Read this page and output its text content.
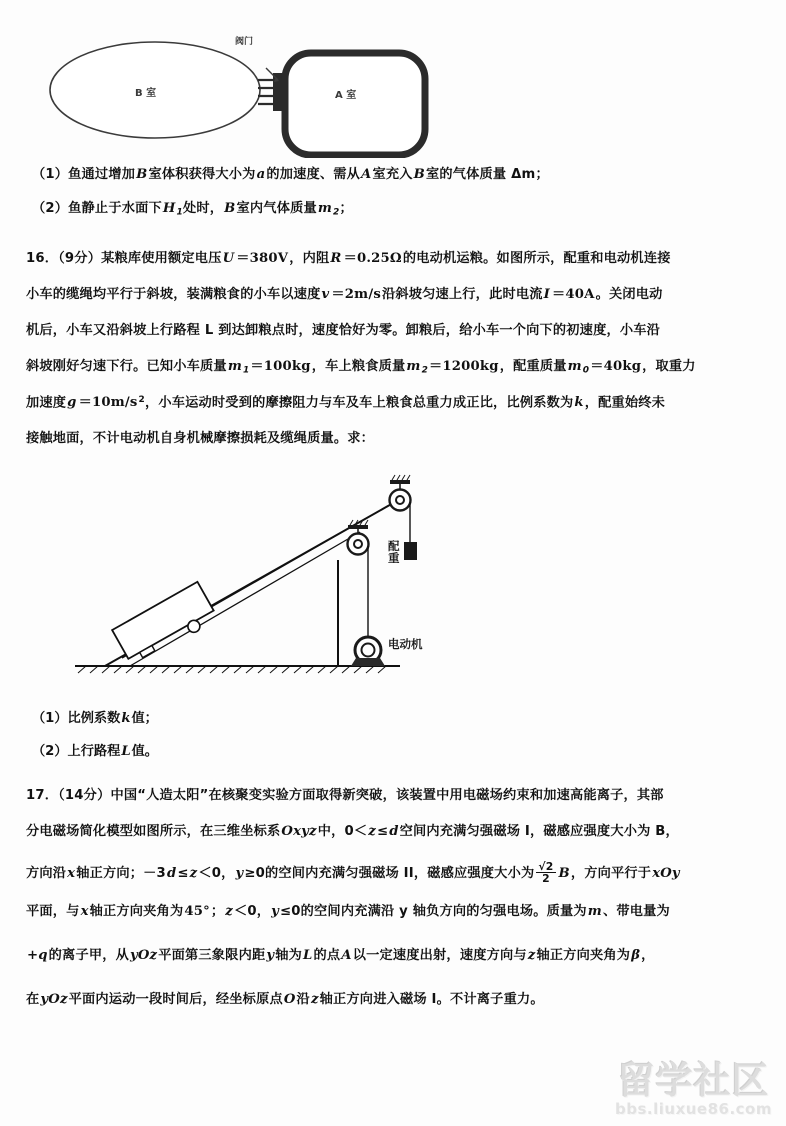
B 室	A 室
阀门
（1）鱼通过增加B室体积获得大小为a的加速度、需从A室充入B室的气体质量 Δm；
（2）鱼静止于水面下$H_1$处时，B室内气体质量$m_2$；
16．（9分）某粮库使用额定电压U ＝380V，内阻R ＝0.25Ω的电动机运粮。如图所示，配重和电动机连接
小车的缆绳均平行于斜坡，装满粮食的小车以速度v ＝2m/s沿斜坡匀速上行，此时电流I ＝40A。关闭电动
机后，小车又沿斜坡上行路程 L 到达卸粮点时，速度恰好为零。卸粮后，给小车一个向下的初速度，小车沿
斜坡刚好匀速下行。已知小车质量$m_1=100kg$，车上粮食质量$m_2=1200kg$，配重质量$m_0=40kg$，取重力
加速度$g =10m/s^2$，小车运动时受到的摩擦阻力与车及车上粮食总重力成正比，比例系数为k，配重始终未
接触地面，不计电动机自身机械摩擦损耗及缆绳质量。求：
配
重
电动机
（1）比例系数k值；
（2）上行路程L值。
17．（14分）中国“人造太阳”在核聚变实验方面取得新突破，该装置中用电磁场约束和加速高能离子，其部
分电磁场简化模型如图所示，在三维坐标系Oxyz中，0＜z≤d空间内充满匀强磁场 I，磁感应强度大小为 B，
方向沿x轴正方向；－3d≤z＜0，y≥0的空间内充满匀强磁场 II，磁感应强度大小为 $\frac{√2}{2}$ B，方向平行于xOy
平面，与x轴正方向夹角为45°；z＜0，y≤0的空间内充满沿 y 轴负方向的匀强电场。质量为m、带电量为
+q的离子甲，从yOz平面第三象限内距y轴为L的点A以一定速度出射，速度方向与z轴正方向夹角为β，
在yOz平面内运动一段时间后，经坐标原点O沿z轴正方向进入磁场 I。不计离子重力。
留学社区
bbs.liuxue86.com
